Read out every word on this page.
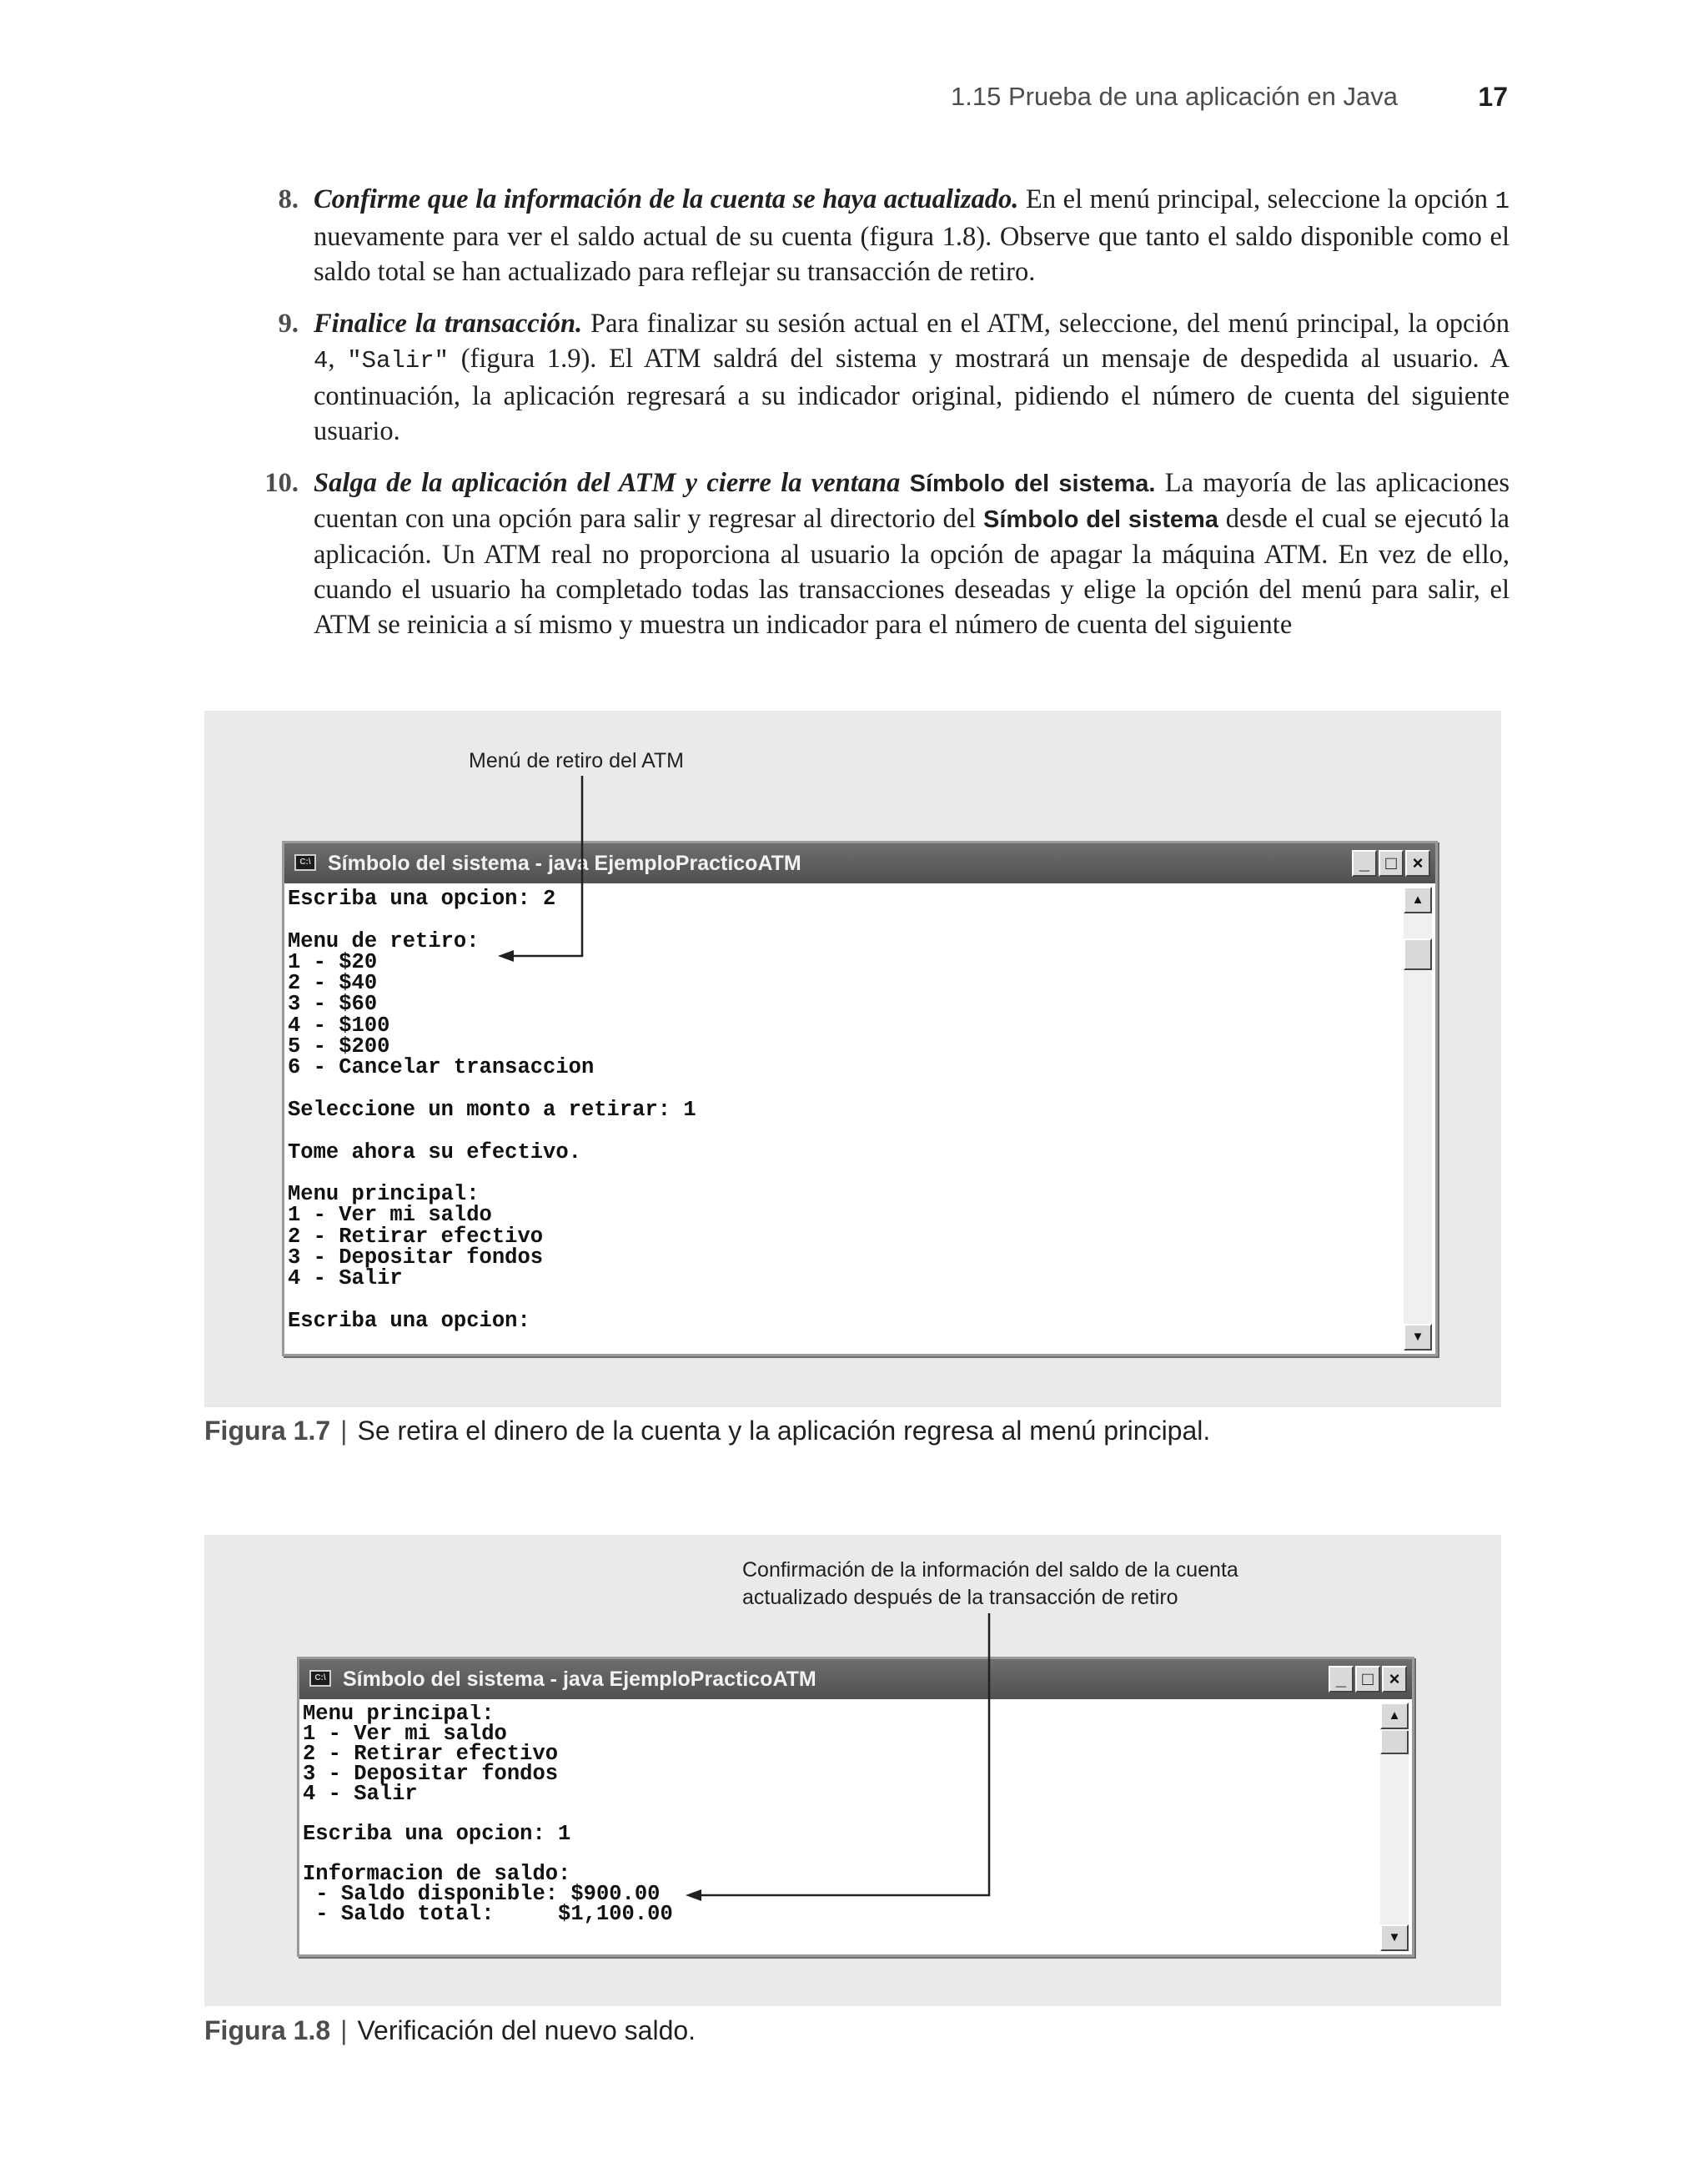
1.15 Prueba de una aplicación en Java	17
8. Confirme que la información de la cuenta se haya actualizado. En el menú principal, seleccione la opción 1 nuevamente para ver el saldo actual de su cuenta (figura 1.8). Observe que tanto el saldo disponible como el saldo total se han actualizado para reflejar su transacción de retiro.
9. Finalice la transacción. Para finalizar su sesión actual en el ATM, seleccione, del menú principal, la opción 4, "Salir" (figura 1.9). El ATM saldrá del sistema y mostrará un mensaje de despedida al usuario. A continuación, la aplicación regresará a su indicador original, pidiendo el número de cuenta del siguiente usuario.
10. Salga de la aplicación del ATM y cierre la ventana Símbolo del sistema. La mayoría de las aplicaciones cuentan con una opción para salir y regresar al directorio del Símbolo del sistema desde el cual se ejecutó la aplicación. Un ATM real no proporciona al usuario la opción de apagar la máquina ATM. En vez de ello, cuando el usuario ha completado todas las transacciones deseadas y elige la opción del menú para salir, el ATM se reinicia a sí mismo y muestra un indicador para el número de cuenta del siguiente
Menú de retiro del ATM
C:\ Símbolo del sistema - java EjemploPracticoATM	_ □ ×
Escriba una opcion: 2

Menu de retiro:
1 - $20
2 - $40
3 - $60
4 - $100
5 - $200
6 - Cancelar transaccion

Seleccione un monto a retirar: 1

Tome ahora su efectivo.

Menu principal:
1 - Ver mi saldo
2 - Retirar efectivo
3 - Depositar fondos
4 - Salir

Escriba una opcion:
▲
▼
Figura 1.7 | Se retira el dinero de la cuenta y la aplicación regresa al menú principal.
Confirmación de la información del saldo de la cuenta
actualizado después de la transacción de retiro
C:\ Símbolo del sistema - java EjemploPracticoATM	_ □ ×
Menu principal:
1 - Ver mi saldo
2 - Retirar efectivo
3 - Depositar fondos
4 - Salir

Escriba una opcion: 1

Informacion de saldo:
- Saldo disponible: $900.00
- Saldo total:     $1,100.00
▲
▼
Figura 1.8 | Verificación del nuevo saldo.
